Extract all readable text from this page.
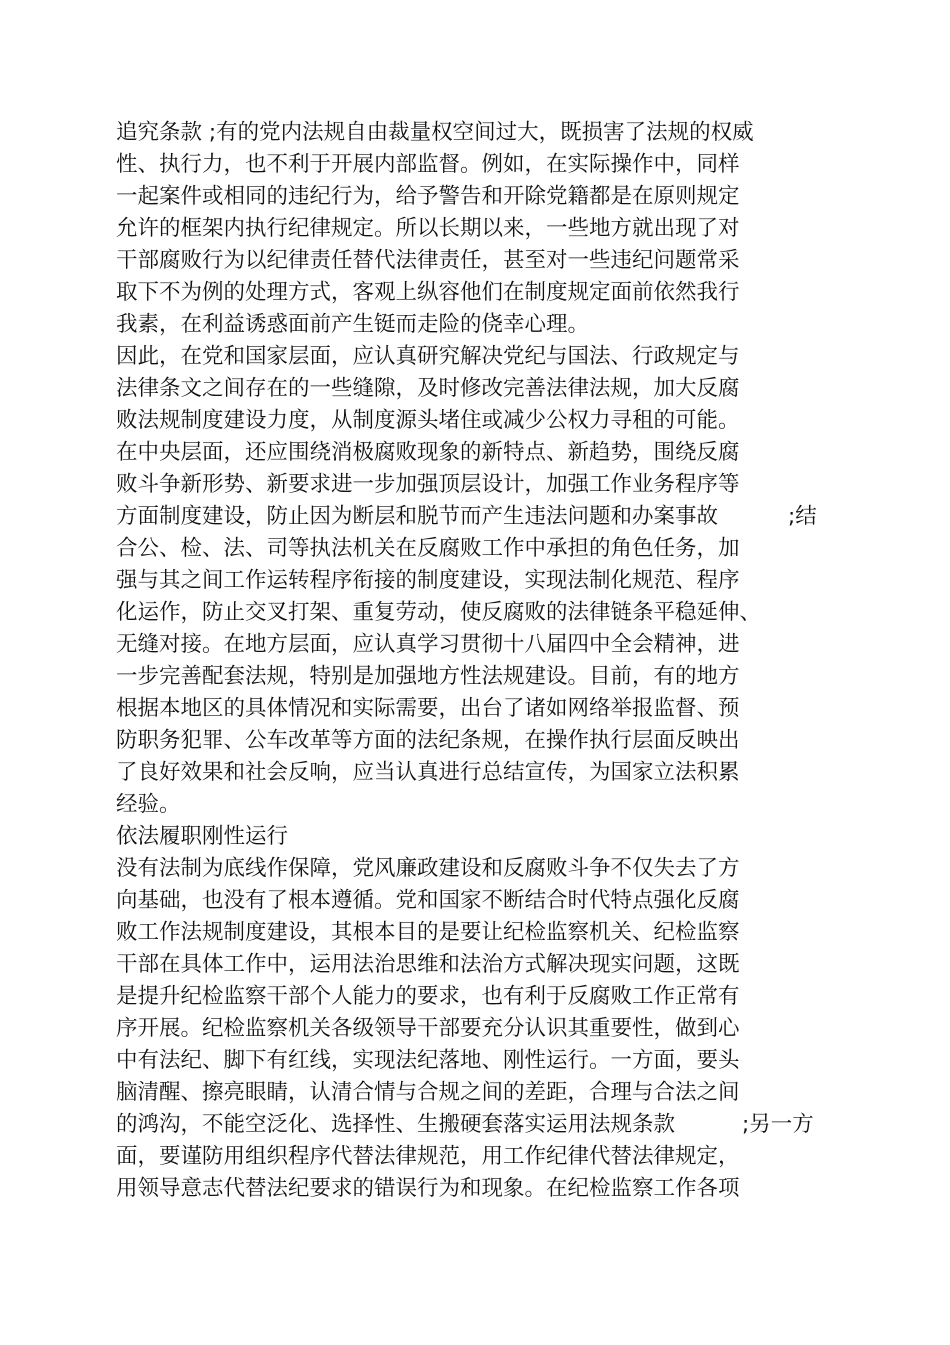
追究条款 ;有的党内法规自由裁量权空间过大，既损害了法规的权威
性、执行力，也不利于开展内部监督。例如，在实际操作中，同样
一起案件或相同的违纪行为，给予警告和开除党籍都是在原则规定
允许的框架内执行纪律规定。所以长期以来，一些地方就出现了对
干部腐败行为以纪律责任替代法律责任，甚至对一些违纪问题常采
取下不为例的处理方式，客观上纵容他们在制度规定面前依然我行
我素，在利益诱惑面前产生铤而走险的侥幸心理。
因此，在党和国家层面，应认真研究解决党纪与国法、行政规定与
法律条文之间存在的一些缝隙，及时修改完善法律法规，加大反腐
败法规制度建设力度，从制度源头堵住或减少公权力寻租的可能。
在中央层面，还应围绕消极腐败现象的新特点、新趋势，围绕反腐
败斗争新形势、新要求进一步加强顶层设计，加强工作业务程序等
方面制度建设，防止因为断层和脱节而产生违法问题和办案事故	;结
合公、检、法、司等执法机关在反腐败工作中承担的角色任务，加
强与其之间工作运转程序衔接的制度建设，实现法制化规范、程序
化运作，防止交叉打架、重复劳动，使反腐败的法律链条平稳延伸、
无缝对接。在地方层面，应认真学习贯彻十八届四中全会精神，进
一步完善配套法规，特别是加强地方性法规建设。目前，有的地方
根据本地区的具体情况和实际需要，出台了诸如网络举报监督、预
防职务犯罪、公车改革等方面的法纪条规，在操作执行层面反映出
了良好效果和社会反响，应当认真进行总结宣传，为国家立法积累
经验。
依法履职刚性运行
没有法制为底线作保障，党风廉政建设和反腐败斗争不仅失去了方
向基础，也没有了根本遵循。党和国家不断结合时代特点强化反腐
败工作法规制度建设，其根本目的是要让纪检监察机关、纪检监察
干部在具体工作中，运用法治思维和法治方式解决现实问题，这既
是提升纪检监察干部个人能力的要求，也有利于反腐败工作正常有
序开展。纪检监察机关各级领导干部要充分认识其重要性，做到心
中有法纪、脚下有红线，实现法纪落地、刚性运行。一方面，要头
脑清醒、擦亮眼睛，认清合情与合规之间的差距，合理与合法之间
的鸿沟，不能空泛化、选择性、生搬硬套落实运用法规条款	;另一方
面，要谨防用组织程序代替法律规范，用工作纪律代替法律规定，
用领导意志代替法纪要求的错误行为和现象。在纪检监察工作各项
